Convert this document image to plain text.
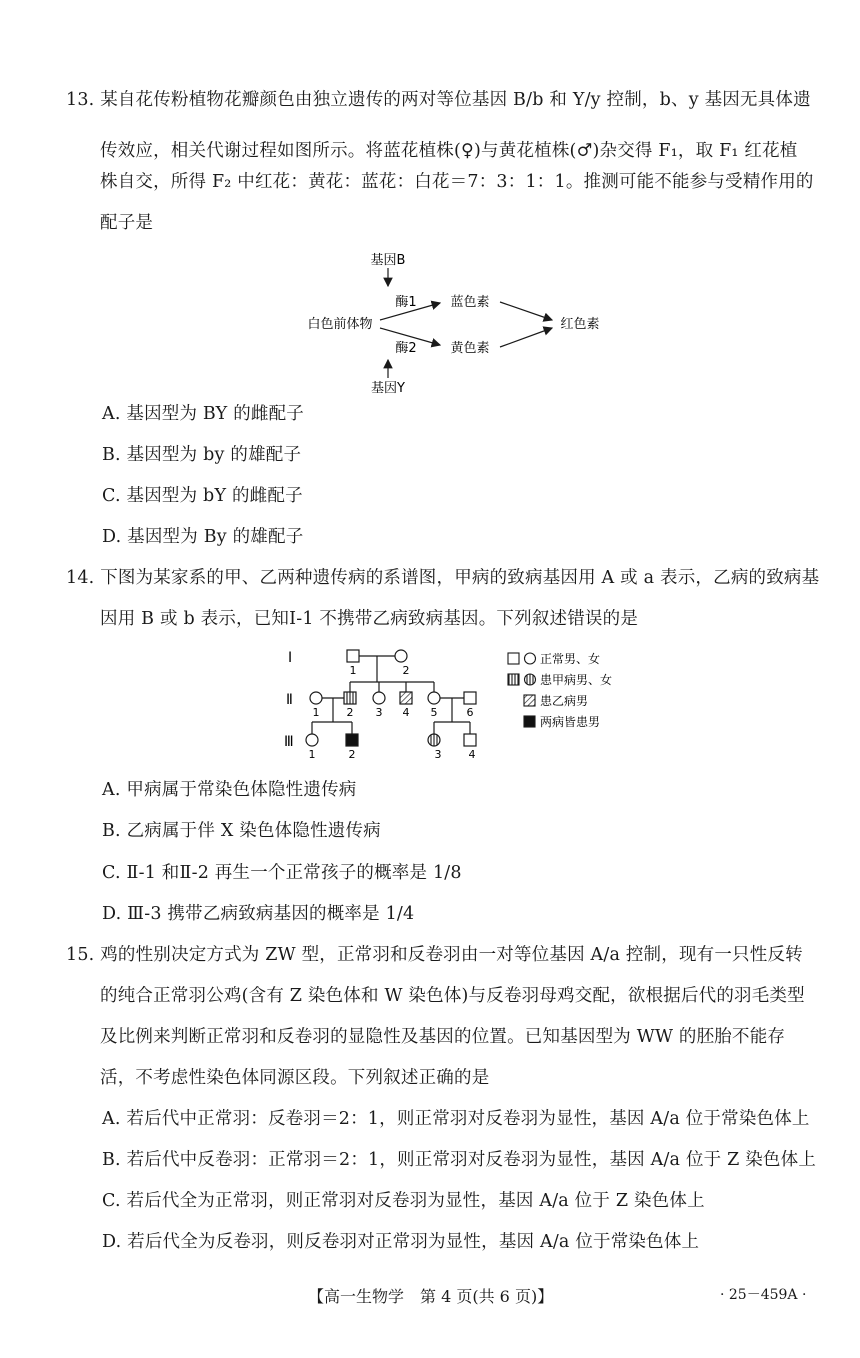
13. 某自花传粉植物花瓣颜色由独立遗传的两对等位基因 B/b 和 Y/y 控制，b、y 基因无具体遗
传效应，相关代谢过程如图所示。将蓝花植株(♀)与黄花植株(♂)杂交得 F₁，取 F₁ 红花植
株自交，所得 F₂ 中红花：黄花：蓝花：白花＝7：3：1：1。推测可能不能参与受精作用的
配子是
基因B
酶1	蓝色素
白色前体物	红色素
酶2	黄色素
基因Y
A. 基因型为 BY 的雌配子
B. 基因型为 by 的雄配子
C. 基因型为 bY 的雌配子
D. 基因型为 By 的雄配子
14. 下图为某家系的甲、乙两种遗传病的系谱图，甲病的致病基因用 A 或 a 表示，乙病的致病基
因用 B 或 b 表示，已知Ⅰ-1 不携带乙病致病基因。下列叙述错误的是
Ⅰ
Ⅱ
Ⅲ
1	2
1 2 3 4 5	6
1	2	3 4
正常男、女
患甲病男、女
患乙病男
两病皆患男
A. 甲病属于常染色体隐性遗传病
B. 乙病属于伴 X 染色体隐性遗传病
C. Ⅱ-1 和Ⅱ-2 再生一个正常孩子的概率是 1/8
D. Ⅲ-3 携带乙病致病基因的概率是 1/4
15. 鸡的性别决定方式为 ZW 型，正常羽和反卷羽由一对等位基因 A/a 控制，现有一只性反转
的纯合正常羽公鸡(含有 Z 染色体和 W 染色体)与反卷羽母鸡交配，欲根据后代的羽毛类型
及比例来判断正常羽和反卷羽的显隐性及基因的位置。已知基因型为 WW 的胚胎不能存
活，不考虑性染色体同源区段。下列叙述正确的是
A. 若后代中正常羽：反卷羽＝2：1，则正常羽对反卷羽为显性，基因 A/a 位于常染色体上
B. 若后代中反卷羽：正常羽＝2：1，则正常羽对反卷羽为显性，基因 A/a 位于 Z 染色体上
C. 若后代全为正常羽，则正常羽对反卷羽为显性，基因 A/a 位于 Z 染色体上
D. 若后代全为反卷羽，则反卷羽对正常羽为显性，基因 A/a 位于常染色体上
【高一生物学　第 4 页(共 6 页)】	· 25－459A ·
